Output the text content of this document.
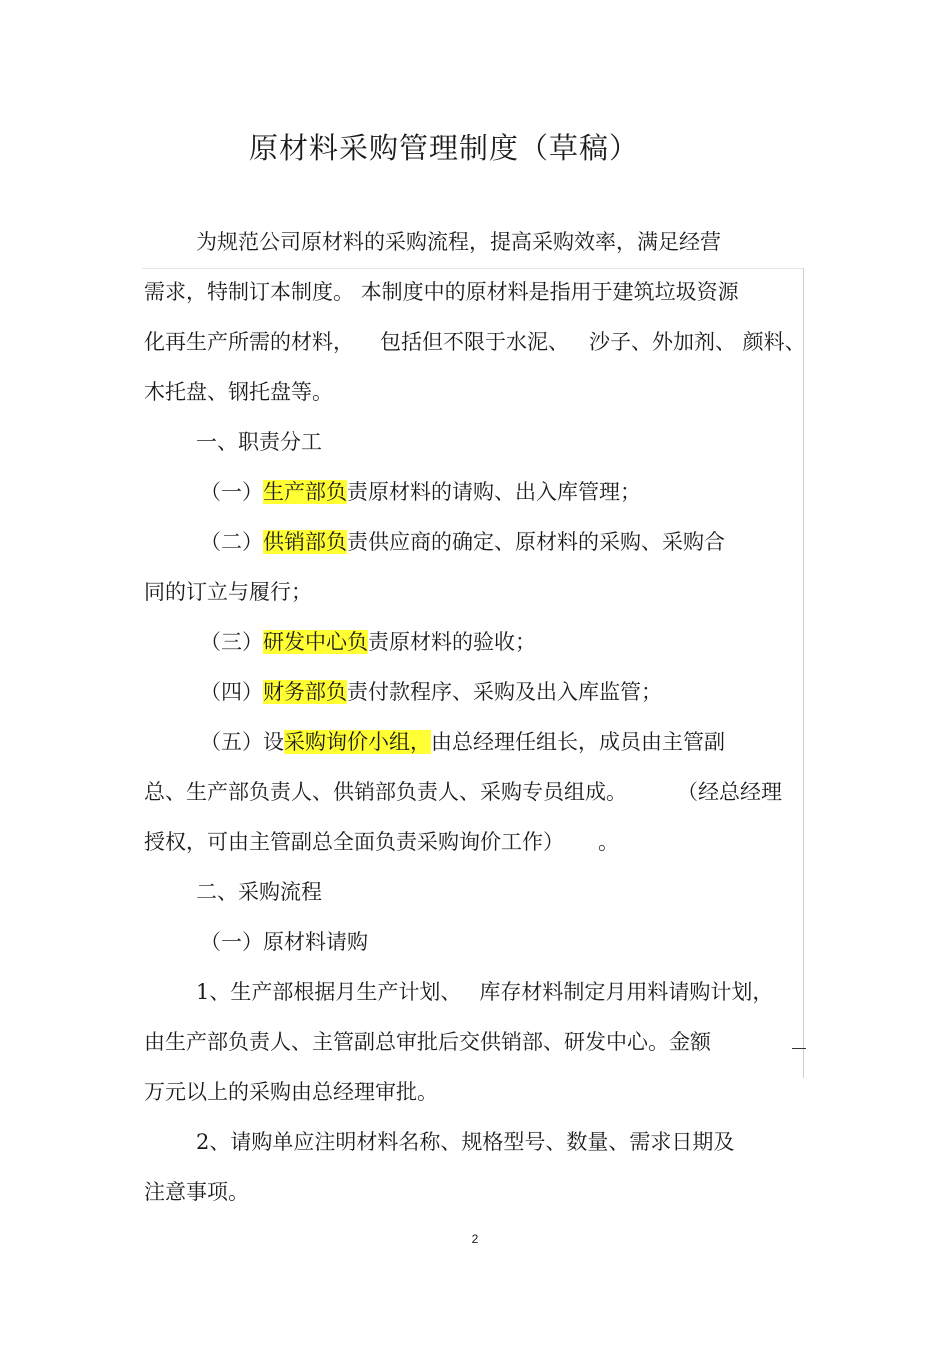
原材料采购管理制度（草稿）
为规范公司原材料的采购流程，提高采购效率，满足经营
需求，特制订本制度。 本制度中的原材料是指用于建筑垃圾资源
化再生产所需的材料， 包括但不限于水泥、 沙子、外加剂、 颜料、
木托盘、钢托盘等。
一、职责分工
（一）生产部负责原材料的请购、出入库管理；
（二）供销部负责供应商的确定、原材料的采购、采购合
同的订立与履行；
（三）研发中心负责原材料的验收；
（四）财务部负责付款程序、采购及出入库监管；
（五）设采购询价小组，由总经理任组长，成员由主管副
总、生产部负责人、供销部负责人、采购专员组成。 （经总经理
授权，可由主管副总全面负责采购询价工作） 。
二、采购流程
（一）原材料请购
1、生产部根据月生产计划、 库存材料制定月用料请购计划，
由生产部负责人、主管副总审批后交供销部、研发中心。金额
万元以上的采购由总经理审批。
2、请购单应注明材料名称、规格型号、数量、需求日期及
注意事项。
2
